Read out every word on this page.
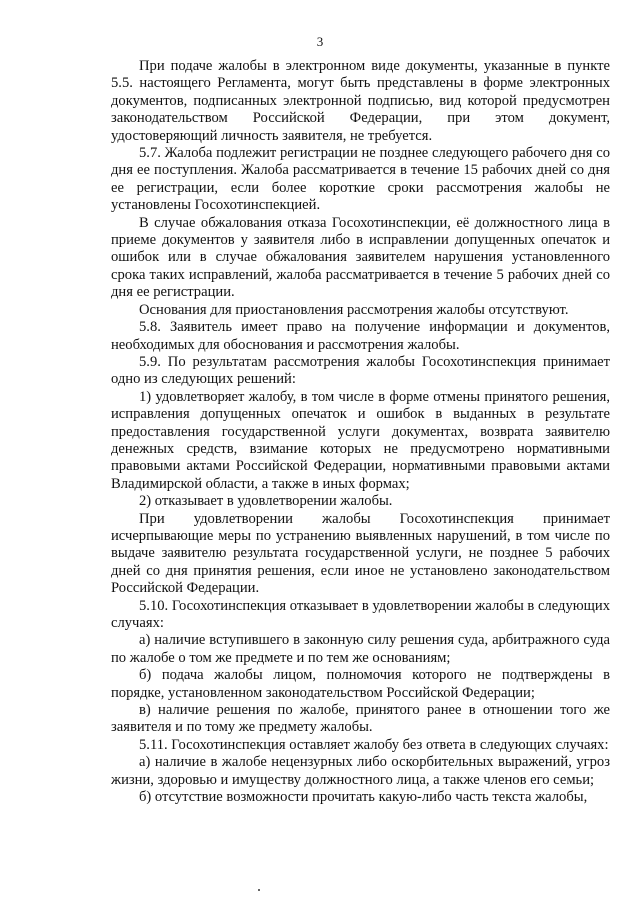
3

При подаче жалобы в электронном виде документы, указанные в пункте 5.5. настоящего Регламента, могут быть представлены в форме электронных документов, подписанных электронной подписью, вид которой предусмотрен законодательством Российской Федерации, при этом документ, удостоверяющий личность заявителя, не требуется.

5.7. Жалоба подлежит регистрации не позднее следующего рабочего дня со дня ее поступления. Жалоба рассматривается в течение 15 рабочих дней со дня ее регистрации, если более короткие сроки рассмотрения жалобы не установлены Госохотинспекцией.

В случае обжалования отказа Госохотинспекции, её должностного лица в приеме документов у заявителя либо в исправлении допущенных опечаток и ошибок или в случае обжалования заявителем нарушения установленного срока таких исправлений, жалоба рассматривается в течение 5 рабочих дней со дня ее регистрации.

Основания для приостановления рассмотрения жалобы отсутствуют.

5.8. Заявитель имеет право на получение информации и документов, необходимых для обоснования и рассмотрения жалобы.

5.9. По результатам рассмотрения жалобы Госохотинспекция принимает одно из следующих решений:

1) удовлетворяет жалобу, в том числе в форме отмены принятого решения, исправления допущенных опечаток и ошибок в выданных в результате предоставления государственной услуги документах, возврата заявителю денежных средств, взимание которых не предусмотрено нормативными правовыми актами Российской Федерации, нормативными правовыми актами Владимирской области, а также в иных формах;

2) отказывает в удовлетворении жалобы.

При удовлетворении жалобы Госохотинспекция принимает исчерпывающие меры по устранению выявленных нарушений, в том числе по выдаче заявителю результата государственной услуги, не позднее 5 рабочих дней со дня принятия решения, если иное не установлено законодательством Российской Федерации.

5.10. Госохотинспекция отказывает в удовлетворении жалобы в следующих случаях:

а) наличие вступившего в законную силу решения суда, арбитражного суда по жалобе о том же предмете и по тем же основаниям;

б) подача жалобы лицом, полномочия которого не подтверждены в порядке, установленном законодательством Российской Федерации;

в) наличие решения по жалобе, принятого ранее в отношении того же заявителя и по тому же предмету жалобы.

5.11. Госохотинспекция оставляет жалобу без ответа в следующих случаях:

а) наличие в жалобе нецензурных либо оскорбительных выражений, угроз жизни, здоровью и имуществу должностного лица, а также членов его семьи;

б) отсутствие возможности прочитать какую-либо часть текста жалобы,
